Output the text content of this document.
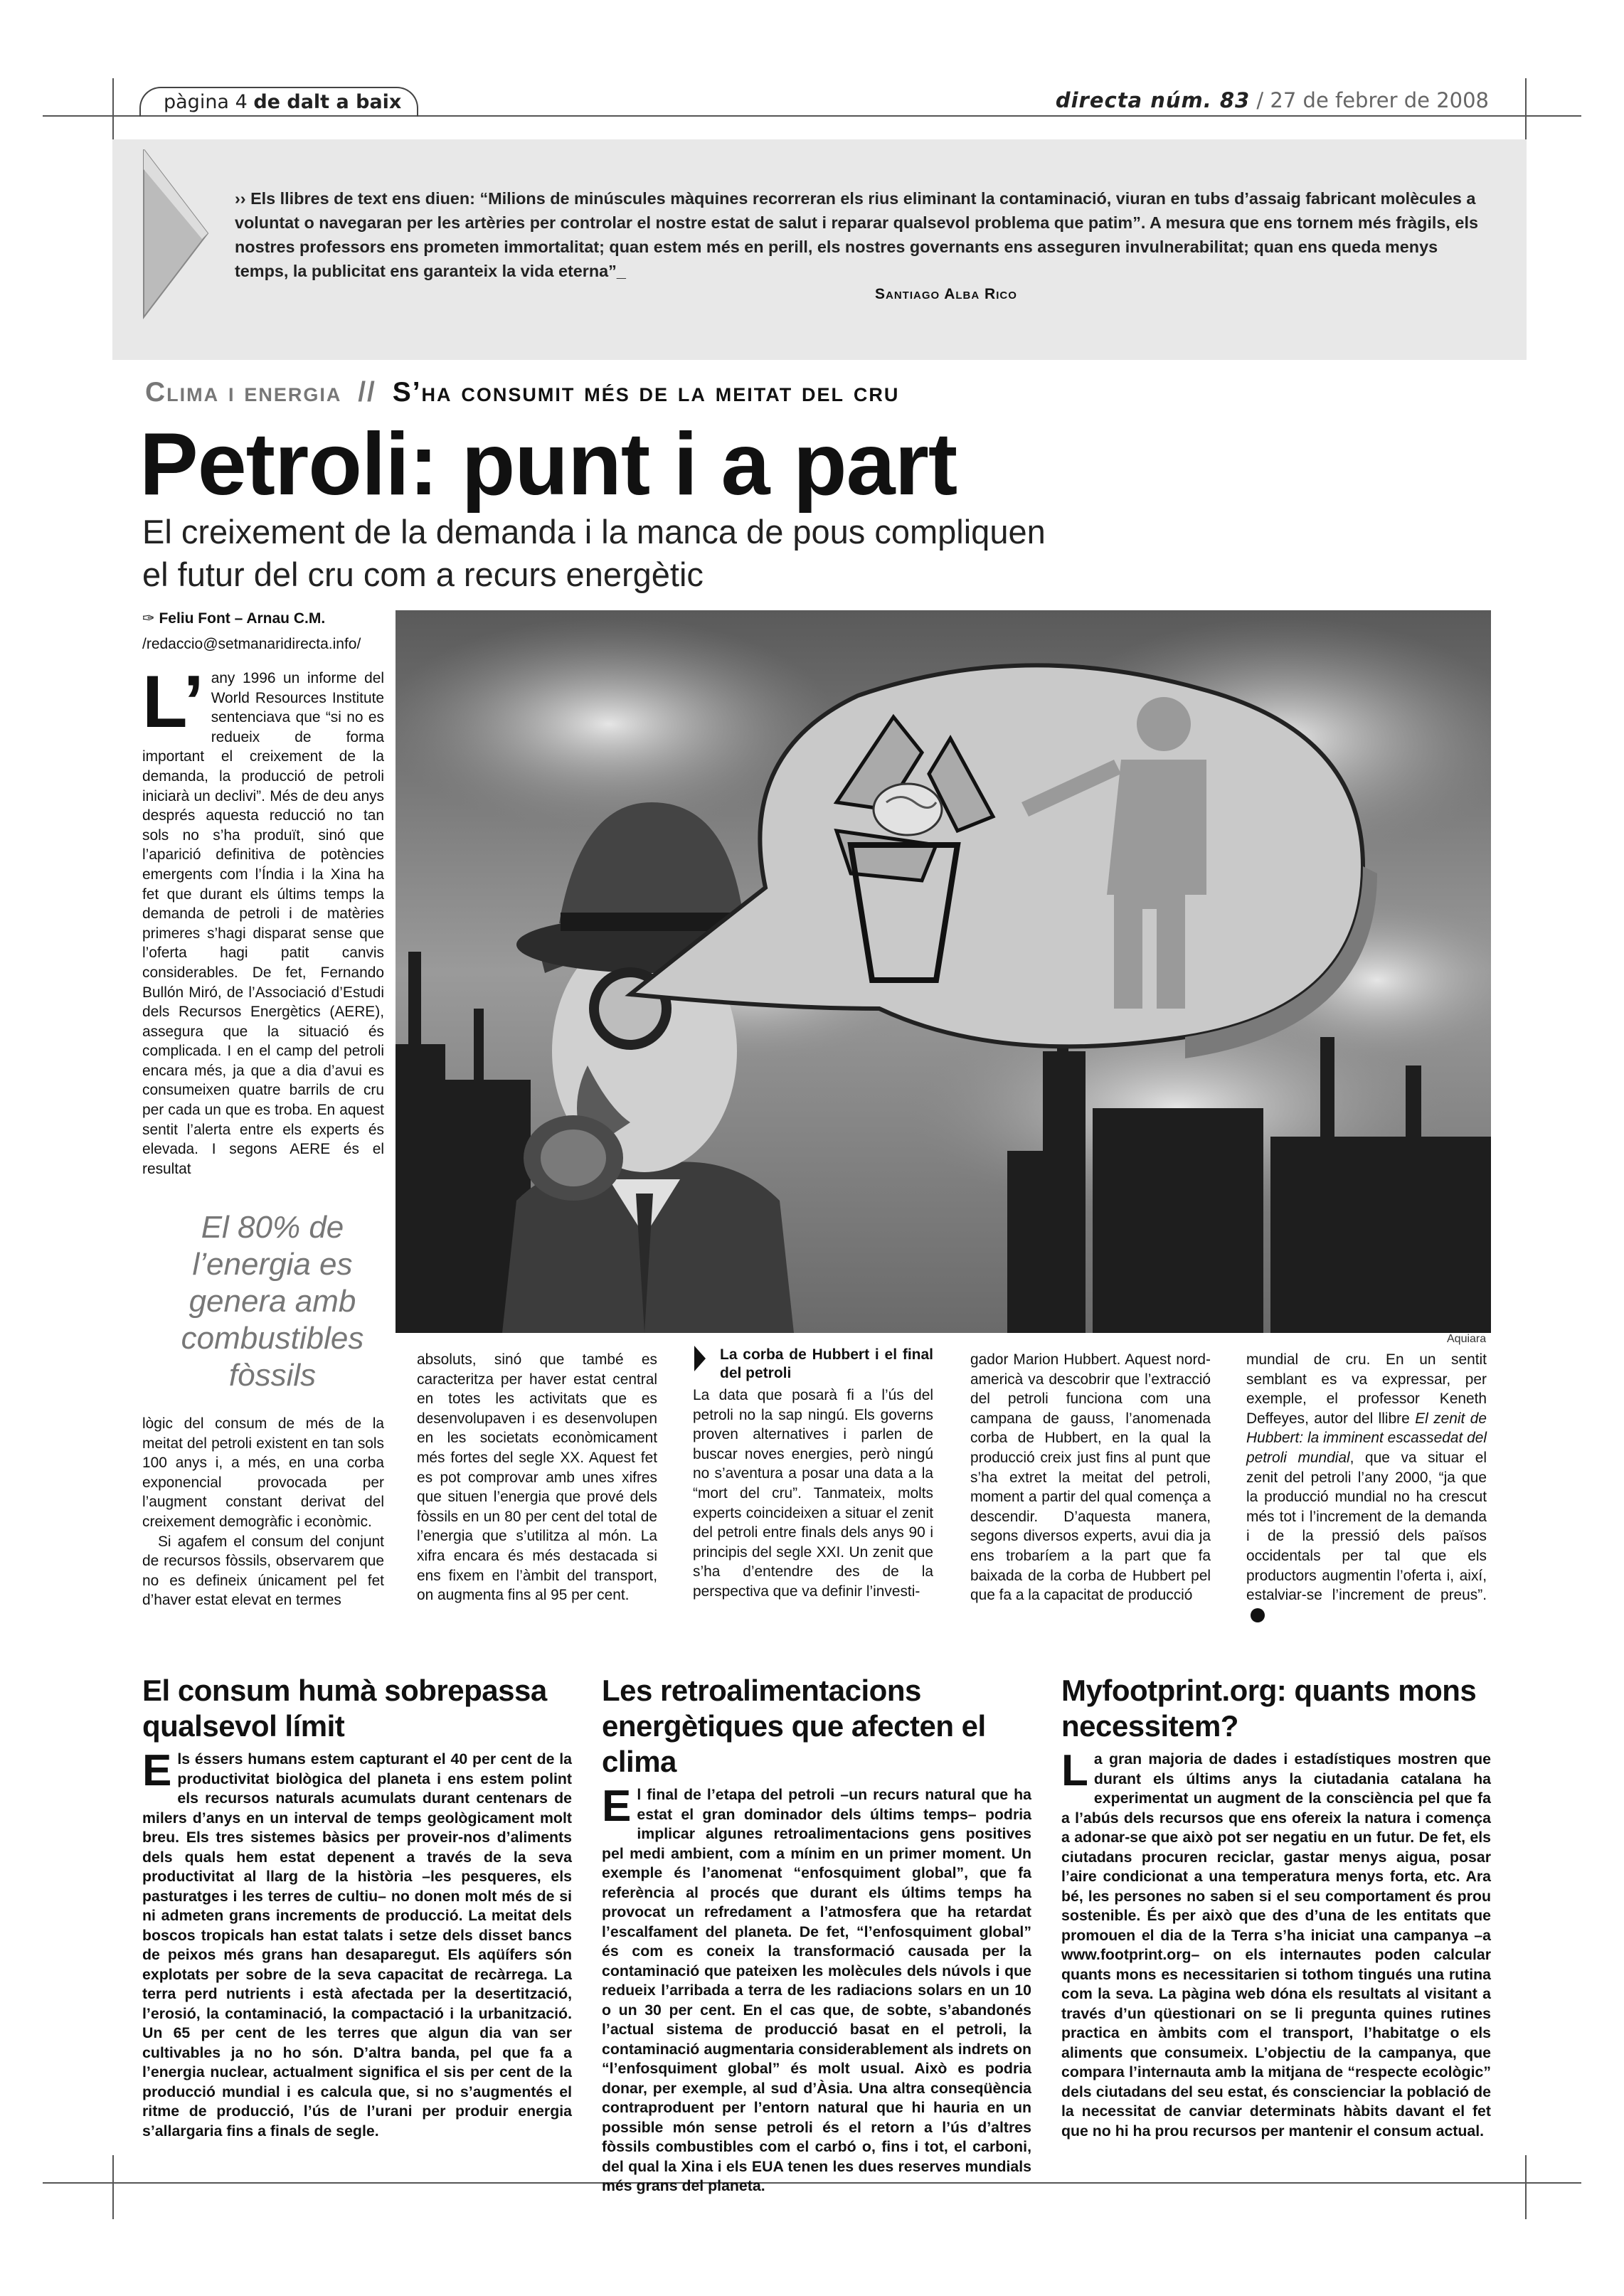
pàgina 4 de dalt a baix	directa núm. 83 / 27 de febrer de 2008
›› Els llibres de text ens diuen: “Milions de minúscules màquines recorreran els rius eliminant la contaminació, viuran en tubs d’assaig fabricant molècules a voluntat o navegaran per les artèries per controlar el nostre estat de salut i reparar qualsevol problema que patim”. A mesura que ens tornem més fràgils, els nostres professors ens prometen immortalitat; quan estem més en perill, els nostres governants ens asseguren invulnerabilitat; quan ens queda menys temps, la publicitat ens garanteix la vida eterna”_
Santiago Alba Rico
Clima i energia // S’ha consumit més de la meitat del cru
Petroli: punt i a part
El creixement de la demanda i la manca de pous compliquen el futur del cru com a recurs energètic
✑ Feliu Font – Arnau C.M.
/redaccio@setmanaridirecta.info/
Aquiara

L’ any 1996 un informe del World Resources Institute sentenciava que “si no es redueix de forma important el creixement de la demanda, la producció de petroli iniciarà un declivi”. Més de deu anys després aquesta reducció no tan sols no s’ha produït, sinó que l’aparició definitiva de potències emergents com l’Índia i la Xina ha fet que durant els últims temps la demanda de petroli i de matèries primeres s’hagi disparat sense que l’oferta hagi patit canvis considerables. De fet, Fernando Bullón Miró, de l’Associació d’Estudi dels Recursos Energètics (AERE), assegura que la situació és complicada. I en el camp del petroli encara més, ja que a dia d’avui es consumeixen quatre barrils de cru per cada un que es troba. En aquest sentit l’alerta entre els experts és elevada. I segons AERE és el resultat

El 80% de l’energia es genera amb combustibles fòssils

lògic del consum de més de la meitat del petroli existent en tan sols 100 anys i, a més, en una corba exponencial provocada per l’augment constant derivat del creixement demogràfic i econòmic.

Si agafem el consum del conjunt de recursos fòssils, observarem que no es defineix únicament pel fet d’haver estat elevat en termes

absoluts, sinó que també es caracteritza per haver estat central en totes les activitats que es desenvolupaven i es desenvolupen en les societats econòmicament més fortes del segle XX. Aquest fet es pot comprovar amb unes xifres que situen l’energia que prové dels fòssils en un 80 per cent del total de l’energia que s’utilitza al món. La xifra encara és més destacada si ens fixem en l’àmbit del transport, on augmenta fins al 95 per cent.

La corba de Hubbert i el final del petroli

La data que posarà fi a l’ús del petroli no la sap ningú. Els governs proven alternatives i parlen de buscar noves energies, però ningú no s’aventura a posar una data a la “mort del cru”. Tanmateix, molts experts coincideixen a situar el zenit del petroli entre finals dels anys 90 i principis del segle XXI. Un zenit que s’ha d’entendre des de la perspectiva que va definir l’investi-

gador Marion Hubbert. Aquest nord-americà va descobrir que l’extracció del petroli funciona com una campana de gauss, l’anomenada corba de Hubbert, en la qual la producció creix just fins al punt que s’ha extret la meitat del petroli, moment a partir del qual comença a descendir. D’aquesta manera, segons diversos experts, avui dia ja ens trobaríem a la part que fa baixada de la corba de Hubbert pel que fa a la capacitat de producció

mundial de cru. En un sentit semblant es va expressar, per exemple, el professor Keneth Deffeyes, autor del llibre El zenit de Hubbert: la imminent escassedat del petroli mundial, que va situar el zenit del petroli l’any 2000, “ja que la producció mundial no ha crescut més tot i l’increment de la demanda i de la pressió dels països occidentals per tal que els productors augmentin l’oferta i, així, estalviar-se l’increment de preus”.

El consum humà sobrepassa qualsevol límit
Els éssers humans estem capturant el 40 per cent de la productivitat biològica del planeta i ens estem polint els recursos naturals acumulats durant centenars de milers d’anys en un interval de temps geològicament molt breu. Els tres sistemes bàsics per proveir-nos d’aliments dels quals hem estat depenent a través de la seva productivitat al llarg de la història –les pesqueres, els pasturatges i les terres de cultiu– no donen molt més de si ni admeten grans increments de producció. La meitat dels boscos tropicals han estat talats i setze dels disset bancs de peixos més grans han desaparegut. Els aqüífers són explotats per sobre de la seva capacitat de recàrrega. La terra perd nutrients i està afectada per la desertització, l’erosió, la contaminació, la compactació i la urbanització. Un 65 per cent de les terres que algun dia van ser cultivables ja no ho són. D’altra banda, pel que fa a l’energia nuclear, actualment significa el sis per cent de la producció mundial i es calcula que, si no s’augmentés el ritme de producció, l’ús de l’urani per produir energia s’allargaria fins a finals de segle.
Les retroalimentacions energètiques que afecten el clima
El final de l’etapa del petroli –un recurs natural que ha estat el gran dominador dels últims temps– podria implicar algunes retroalimentacions gens positives pel medi ambient, com a mínim en un primer moment. Un exemple és l’anomenat “enfosquiment global”, que fa referència al procés que durant els últims temps ha provocat un refredament a l’atmosfera que ha retardat l’escalfament del planeta. De fet, “l’enfosquiment global” és com es coneix la transformació causada per la contaminació que pateixen les molècules dels núvols i que redueix l’arribada a terra de les radiacions solars en un 10 o un 30 per cent. En el cas que, de sobte, s’abandonés l’actual sistema de producció basat en el petroli, la contaminació augmentaria considerablement als indrets on “l’enfosquiment global” és molt usual. Això es podria donar, per exemple, al sud d’Àsia. Una altra conseqüència contraproduent per l’entorn natural que hi hauria en un possible món sense petroli és el retorn a l’ús d’altres fòssils combustibles com el carbó o, fins i tot, el carboni, del qual la Xina i els EUA tenen les dues reserves mundials més grans del planeta.
Myfootprint.org: quants mons necessitem?
La gran majoria de dades i estadístiques mostren que durant els últims anys la ciutadania catalana ha experimentat un augment de la consciència pel que fa a l’abús dels recursos que ens ofereix la natura i comença a adonar-se que això pot ser negatiu en un futur. De fet, els ciutadans procuren reciclar, gastar menys aigua, posar l’aire condicionat a una temperatura menys forta, etc. Ara bé, les persones no saben si el seu comportament és prou sostenible. És per això que des d’una de les entitats que promouen el dia de la Terra s’ha iniciat una campanya –a www.footprint.org– on els internautes poden calcular quants mons es necessitarien si tothom tingués una rutina com la seva. La pàgina web dóna els resultats al visitant a través d’un qüestionari on se li pregunta quines rutines practica en àmbits com el transport, l’habitatge o els aliments que consumeix. L’objectiu de la campanya, que compara l’internauta amb la mitjana de “respecte ecològic” dels ciutadans del seu estat, és conscienciar la població de la necessitat de canviar determinats hàbits davant el fet que no hi ha prou recursos per mantenir el consum actual.
